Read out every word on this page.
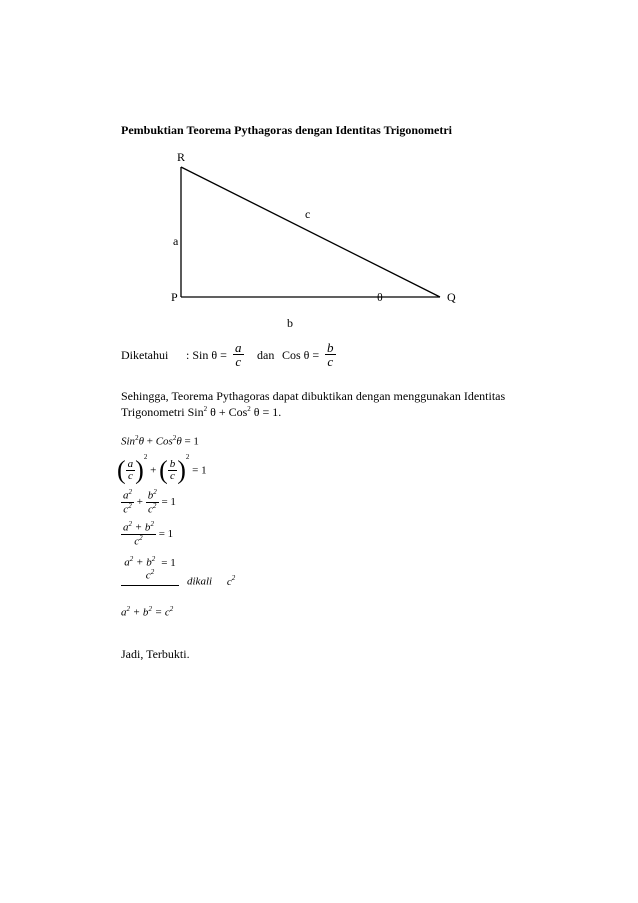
Pembuktian Teorema Pythagoras dengan Identitas Trigonometri
R
P	Q
a
c
b
θ
Diketahui : Sin $\theta = \frac{a}{c}$ dan Cos $\theta = \frac{b}{c}$
Sehingga, Teorema Pythagoras dapat dibuktikan dengan menggunakan Identitas
Trigonometri Sin$^2$ θ + Cos$^2$ θ = 1.
Sin$^2$θ + Cos$^2$θ = 1
( $\frac{a}{c} )^2$ + ( $\frac{b}{c} )^2 = 1$
$\frac{a^2}{c^2} + \frac{b^2}{c^2} = 1$
$\frac{a^2 + b^2}{c^2} = 1$
$a^2 + b^2 = 1$
$c^2$
dikali $c^2$
$a^2 + b^2 = c^2$
Jadi, Terbukti.
